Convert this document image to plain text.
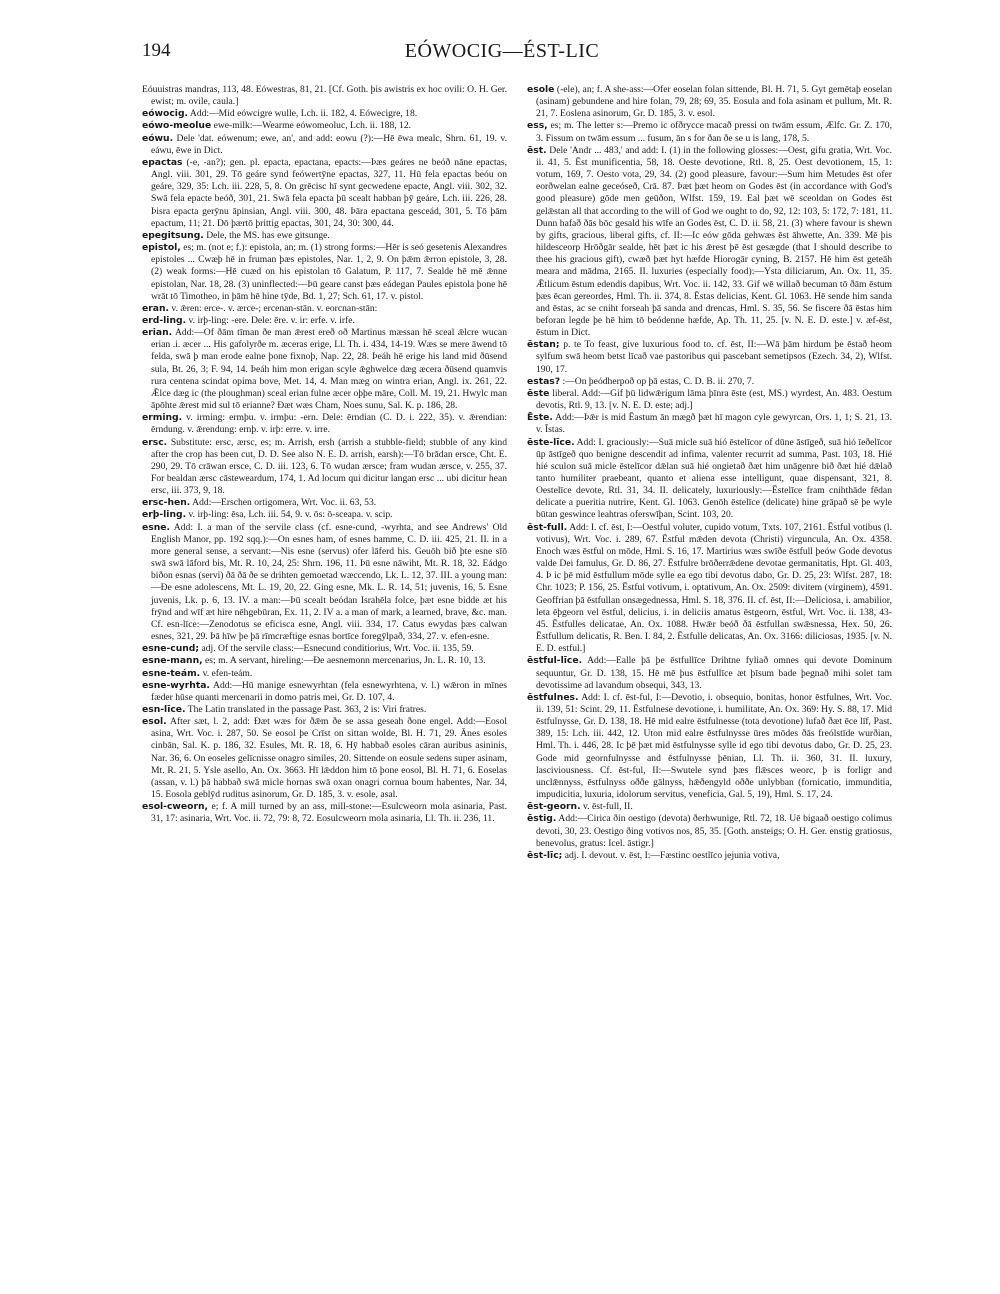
194	EÓWOCIG—ÉST-LIC

Eóuuistras mandras, 113, 48. Eówestras, 81, 21. [Cf. Goth. þis awistris ex hoc ovili: O. H. Ger. ewist; m. ovile, caula.]

eówocig. Add:—Mid eówcigre wulle, Lch. ii. 182, 4. Eówecigre, 18.

eówo-meolue ewe-milk:—Wearme eówomeoluc, Lch. ii. 188, 12.

eówu. Dele 'dat. eówenum; ewe, an', and add: eowu (?):—Hē ēwa mealc, Shrn. 61, 19. v. eáwu, ēwe in Dict.

epactas (-e, -an?); gen. pl. epacta, epactana, epacts:—Þæs geáres ne beóð nāne epactas, Angl. viii. 301, 29. Tō geáre synd feówertȳne epactas, 327, 11. Hū fela epactas beóu on geáre, 329, 35: Lch. iii. 228, 5, 8. On grēcisc hī synt gecwedene epacte, Angl. viii. 302, 32. Swā fela epacte beóð, 301, 21. Swā fela epacta þū scealt habban þȳ geáre, Lch. iii. 226, 28. Þisra epacta gerȳnu āpinsian, Angl. viii. 300, 48. Þāra epactana gesceád, 301, 5. Tō þām epactum, 11; 21. Dō þærtō þrittig epactas, 301, 24, 30: 300, 44.

epegitsung. Dele, the MS. has ewe gitsunge.

epistol, es; m. (not e; f.): epistola, an; m. (1) strong forms:—Hēr is seó gesetenis Alexandres epistoles ... Cwæþ hē in fruman þæs epistoles, Nar. 1, 2, 9. On þǣm ǣrron epistole, 3, 28. (2) weak forms:—Hē cuæd on his epistolan tō Galatum, P. 117, 7. Sealde hē mē ǣnne epistolan, Nar. 18, 28. (3) uninflected:—Þū geare canst þæs eádegan Paules epistola þone hē wrāt tō Timotheo, in þām hē hine tȳde, Bd. 1, 27; Sch. 61, 17. v. pistol.

eran. v. ǣren: erce-. v. ærce-; ercenan-stān. v. eorcnan-stān:

erd-ling. v. irþ-ling: -ere. Dele: ēre. v. ir: erfe. v. irfe.

erian. Add:—Of ðām tīman ðe man ǣrest ereð oð Martinus mæssan hē sceal ǣlcre wucan erian .i. æcer ... His gafolyrðe m. æceras erige, Ll. Th. i. 434, 14-19. Wæs se mere āwend tō felda, swā þ man erode ealne þone fixnoþ, Nap. 22, 28. Þeáh hē erige his land mid ðūsend sula, Bt. 26, 3; F. 94, 14. Þeáh him mon erigan scyle ǣghwelce dæg æcera ðūsend quamvis rura centena scindat opima bove, Met. 14, 4. Man mæg on wintra erian, Angl. ix. 261, 22. Ǣlce dæg ic (the ploughman) sceal erian fulne æcer oþþe māre, Coll. M. 19, 21. Hwylc man āpōhte ǣrest mid sul tō erianne? Ðæt wæs Cham, Noes sunu, Sal. K. p. 186, 28.

erming. v. irming: ermþu. v. irmþu: -ern. Dele: ērndian (C. D. i. 222, 35). v. ǣrendian: ērndung. v. ǣrendung: ernþ. v. irþ: erre. v. irre.

ersc. Substitute: ersc, ærsc, es; m. Arrish, ersh (arrish a stubble-field; stubble of any kind after the crop has been cut, D. D. See also N. E. D. arrish, earsh):—Tō brādan ersce, Cht. E. 290, 29. Tō crāwan ersce, C. D. iii. 123, 6. Tō wudan ærsce; fram wudan ærsce, v. 255, 37. For bealdan ærsc cāsteweardum, 174, 1. Ad locum qui dicitur langan ersc ... ubi dicitur hean ersc, iii. 373, 9, 18.

ersc-hen. Add:—Erschen ortigomera, Wrt. Voc. ii. 63, 53.

erþ-ling. v. irþ-ling: ēsa, Lch. iii. 54, 9. v. ōs: ō-sceapa. v. scip.

esne. Add: I. a man of the servile class (cf. esne-cund, -wyrhta, and see Andrews' Old English Manor, pp. 192 sqq.):—On esnes ham, of esnes hamme, C. D. iii. 425, 21. II. in a more general sense, a servant:—Nis esne (servus) ofer lāferd his. Geuōh bið þte esne sīō swā swā lāford bis, Mt. R. 10, 24, 25: Shrn. 196, 11. Þū esne nāwiht, Mt. R. 18, 32. Eádgo biðon esnas (servi) ðā ðā ðe se drihten gemoetad wæccendo, Lk. L. 12, 37. III. a young man:—Ðe esne adolescens, Mt. L. 19, 20, 22. Ging esne, Mk. L. R. 14, 51; juvenis, 16, 5. Esne juvenis, Lk. p. 6, 13. IV. a man:—Þū scealt beódan Israhēla folce, þæt esne bidde æt his frȳnd and wīf æt hire nēhgebūran, Ex. 11, 2. IV a. a man of mark, a learned, brave, &c. man. Cf. esn-līce:—Zenodotus se eficisca esne, Angl. viii. 334, 17. Catus ewydas þæs calwan esnes, 321, 29. Þā hīw þe þā rīmcræftige esnas bortīce foregȳlpað, 334, 27. v. efen-esne.

esne-cund; adj. Of the servile class:—Esnecund conditiorius, Wrt. Voc. ii. 135, 59.

esne-mann, es; m. A servant, hireling:—Ðe aesnemonn mercenarius, Jn. L. R. 10, 13.

esne-teám. v. efen-teám.

esne-wyrhta. Add:—Hū manige esnewyrhtan (fela esnewyrhtena, v. l.) wǣron in mīnes fæder hūse quanti mercenarii in domo patris mei, Gr. D. 107, 4.

esn-līce. The Latin translated in the passage Past. 363, 2 is: Viri fratres.

esol. After sæt, l. 2, add: Ðæt wæs for ðǣm ðe se assa geseah ðone engel. Add:—Eosol asina, Wrt. Voc. i. 287, 50. Se eosol þe Crīst on sittan wolde, Bl. H. 71, 29. Ānes esoles cinbān, Sal. K. p. 186, 32. Esules, Mt. R. 18, 6. Hȳ habbað esoles cāran auribus asininis, Nar. 36, 6. On eoseles gelīcnisse onagro similes, 20. Sittende on eosule sedens super asinam, Mt. R. 21, 5. Ysle asello, An. Ox. 3663. Hī lǣddon him tō þone eosol, Bl. H. 71, 6. Eoselas (assan, v. l.) þā habbað swā micle hornas swā oxan onagri cornua boum habentes, Nar. 34, 15. Eosola geblȳd ruditus asinorum, Gr. D. 185, 3. v. esole, asal.

esol-cweorn, e; f. A mill turned by an ass, mill-stone:—Esulcweorn mola asinaria, Past. 31, 17: asinaria, Wrt. Voc. ii. 72, 79: 8, 72. Eosulcweorn mola asinaria, Ll. Th. ii. 236, 11.

esole (-ele), an; f. A she-ass:—Ofer eoselan folan sittende, Bl. H. 71, 5. Gyt gemētaþ eoselan (asinam) gebundene and hire folan, 79, 28; 69, 35. Eosula and fola asinam et pullum, Mt. R. 21, 7. Eoslena asinorum, Gr. D. 185, 3. v. esol.

ess, es; m. The letter s:—Premo ic ofðrycce macað pressi on twām essum, Ælfc. Gr. Z. 170, 3. Fissum on twām essum ... fusum, ān s for ðan ðe se u is lang, 178, 5.

ēst. Dele 'Andr ... 483,' and add: I. (1) in the following glosses:—Oest, gifu gratia, Wrt. Voc. ii. 41, 5. Ēst munificentia, 58, 18. Oeste devotione, Rtl. 8, 25. Oest devotionem, 15, 1: votum, 169, 7. Oesto vota, 29, 34. (2) good pleasure, favour:—Sum him Metudes ēst ofer eorðwelan ealne geceóseð, Crā. 87. Þæt þæt heom on Godes ēst (in accordance with God's good pleasure) gōde men geūðon, Wlfst. 159, 19. Eal þæt wē sceoldan on Godes ēst gelǣstan all that according to the will of God we ought to do, 92, 12: 103, 5: 172, 7: 181, 11. Dunn hafað ðās bōc gesald his wīfe an Godes ēst, C. D. ii. 58, 21. (3) where favour is shewn by gifts, gracious, liberal gifts, cf. II:—Ic eów gōda gehwæs ēst āhwette, An. 339. Mē þis hildesceorp Hrōðgār sealde, hēt þæt ic his ǣrest þē ēst gesægde (that I should describe to thee his gracious gift), cwæð þæt hyt hæfde Hiorogār cyning, B. 2157. Hē him ēst geteāh meara and mādma, 2165. II. luxuries (especially food):—Ysta diliciarum, An. Ox. 11, 35. Ǣtlicum ēstum edendis dapibus, Wrt. Voc. ii. 142, 33. Gif wē willað becuman tō ðām ēstum þæs ēcan gereordes, Hml. Th. ii. 374, 8. Ēstas delicias, Kent. Gl. 1063. Hē sende him sanda and ēstas, ac se cniht forseah þā sanda and drencas, Hml. S. 35, 56. Se fiscere ðā ēstas him beforan legde þe hē him tō beódenne hæfde, Ap. Th. 11, 25. [v. N. E. D. este.] v. æf-ēst, ēstum in Dict.

ēstan; p. te To feast, give luxurious food to. cf. ēst, II:—Wā þām hirdum þe ēstað heom sylfum swā heom betst līcað vae pastoribus qui pascebant semetipsos (Ezech. 34, 2), Wlfst. 190, 17.

estas? :—On þeódherpoð op þā estas, C. D. B. ii. 270, 7.

ēste liberal. Add:—Gif þū lidwǣrigum lāma þīnra ēste (est, MS.) wyrdest, An. 483. Oestum devotis, Rtl. 9, 13. [v. N. E. D. este; adj.]

Ēste. Add:—Þǣr is mid Ēastum ān mægð þæt hī magon cyle gewyrcan, Ors. 1, 1; S. 21, 13. v. Īstas.

ēste-līce. Add: I. graciously:—Suā micle suā hió ēstelīcor of dūne āstīgeð, suā hió īeðelīcor ūp āstīgeð quo benigne descendit ad infima, valenter recurrit ad summa, Past. 103, 18. Hié hié sculon suā micle ēstelīcor dǣlan suā hié ongietað ðæt him unāgenre bið ðæt hié dǣlað tanto humiliter praebeant, quanto et aliena esse intelligunt, quae dispensant, 321, 8. Oestelīce devote, Rtl. 31, 34. II. delicately, luxuriously:—Ēstelīce fram cnihthāde fēdan delicate a pueritia nutrire, Kent. Gl. 1063. Genōh ēstelīce (delicate) hine grāpað sē þe wyle būtan geswince leahtras oferswīþan, Scint. 103, 20.

ēst-full. Add: I. cf. ēst, I:—Oestful voluter, cupido votum, Txts. 107, 2161. Ēstful votibus (l. votivus), Wrt. Voc. i. 289, 67. Ēstful mǣden devota (Christi) virguncula, An. Ox. 4358. Enoch wæs ēstful on mōde, Hml. S. 16, 17. Martirius wæs swīðe ēstfull þeów Gode devotus valde Dei famulus, Gr. D. 86, 27. Ēstfulre brōðerrǣdene devotae germanitatis, Hpt. Gl. 403, 4. Þ ic þē mid ēstfullum mōde sylle ea ego tibi devotus dabo, Gr. D. 25, 23: Wlfst. 287, 18: Chr. 1023; P. 156, 25. Ēstful votivum, i. optativum, An. Ox. 2509: divitem (virginem), 4591. Geoffrian þā ēstfullan onsægednessa, Hml. S. 18, 376. II. cf. ēst, II:—Deliciosa, i. amabilior, leta ēþgeorn vel ēstful, delicius, i. in deliciis amatus ēstgeorn, ēstful, Wrt. Voc. ii. 138, 43-45. Ēstfulles delicatae, An. Ox. 1088. Hwǣr beóð ðā ēstfullan swǣsnessa, Hex. 50, 26. Ēstfullum delicatis, R. Ben. I. 84, 2. Ēstfulle delicatas, An. Ox. 3166: diliciosas, 1935. [v. N. E. D. estful.]

ēstful-līce. Add:—Ealle þā þe ēstfullīce Drihtne fyliað omnes qui devote Dominum sequuntur, Gr. D. 138, 15. Hē mē þus ēstfullīce æt þīsum bade þegnað mihi solet tam devotissime ad lavandum obsequi, 343, 13.

ēstfulnes. Add: I. cf. ēst-ful, I:—Devotio, i. obsequio, bonitas, honor ēstfulnes, Wrt. Voc. ii. 139, 51: Scint. 29, 11. Ēstfulnese devotione, i. humilitate, An. Ox. 369: Hy. S. 88, 17. Mid ēstfulnysse, Gr. D. 138, 18. Hē mid ealre ēstfulnesse (tota devotione) lufað ðæt ēce līf, Past. 389, 15: Lch. iii. 442, 12. Uton mid ealre ēstfulnysse ūres mōdes ðās freólstīde wurðian, Hml. Th. i. 446, 28. Ic þē þæt mid ēstfulnysse sylle id ego tibi devotus dabo, Gr. D. 25, 23. Gode mid geornfulnysse and ēstfulnysse þēnian, Ll. Th. ii. 360, 31. II. luxury, lasciviousness. Cf. ēst-ful, II:—Swutele synd þæs flǣsces weorc, þ is forligr and unclǣnnyss, ēstfulnyss oððe gālnyss, hǣðengyld oððe unlybban (fornicatio, immunditia, impudicitia, luxuria, idolorum servitus, veneficia, Gal. 5, 19), Hml. S. 17, 24.

ēst-georn. v. ēst-full, II.

ēstig. Add:—Cirica ðin oestigo (devota) ðerhwunige, Rtl. 72, 18. Uē bigaað oestigo colimus devoti, 30, 23. Oestigo ðing votivos nos, 85, 35. [Goth. ansteigs; O. H. Ger. enstig gratiosus, benevolus, gratus: Icel. āstigr.]

ēst-līc; adj. I. devout. v. ēst, I:—Fæstinc oestlīco jejunia votiva,
